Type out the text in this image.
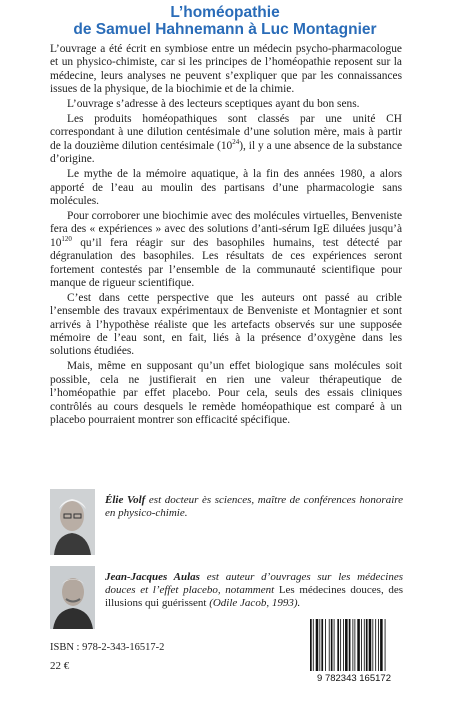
L’homéopathie
de Samuel Hahnemann à Luc Montagnier

L’ouvrage a été écrit en symbiose entre un médecin psycho-pharmacologue et un physico-chimiste, car si les principes de l’homéopathie reposent sur la médecine, leurs analyses ne peuvent s’expliquer que par les connaissances issues de la physique, de la biochimie et de la chimie.

L’ouvrage s’adresse à des lecteurs sceptiques ayant du bon sens.

Les produits homéopathiques sont classés par une unité CH correspondant à une dilution centésimale d’une solution mère, mais à partir de la douzième dilution centésimale $(10^{24})$, il y a une absence de la substance d’origine.

Le mythe de la mémoire aquatique, à la fin des années 1980, a alors apporté de l’eau au moulin des partisans d’une pharmacologie sans molécules.

Pour corroborer une biochimie avec des molécules virtuelles, Benveniste fera des « expériences » avec des solutions d’anti-sérum IgE diluées jusqu’à $10^{120}$ qu’il fera réagir sur des basophiles humains, test détecté par dégranulation des basophiles. Les résultats de ces expériences seront fortement contestés par l’ensemble de la communauté scientifique pour manque de rigueur scientifique.

C’est dans cette perspective que les auteurs ont passé au crible l’ensemble des travaux expérimentaux de Benveniste et Montagnier et sont arrivés à l’hypothèse réaliste que les artefacts observés sur une supposée mémoire de l’eau sont, en fait, liés à la présence d’oxygène dans les solutions étudiées.

Mais, même en supposant qu’un effet biologique sans molécules soit possible, cela ne justifierait en rien une valeur thérapeutique de l’homéopathie par effet placebo. Pour cela, seuls des essais cliniques contrôlés au cours desquels le remède homéopathique est comparé à un placebo pourraient montrer son efficacité spécifique.

Élie Volf est docteur ès sciences, maître de conférences honoraire en physico-chimie.
Jean-Jacques Aulas est auteur d’ouvrages sur les médecines douces et l’effet placebo, notamment Les médecines douces, des illusions qui guérissent (Odile Jacob, 1993).
ISBN : 978-2-343-16517-2
22 €
9 782343 165172
